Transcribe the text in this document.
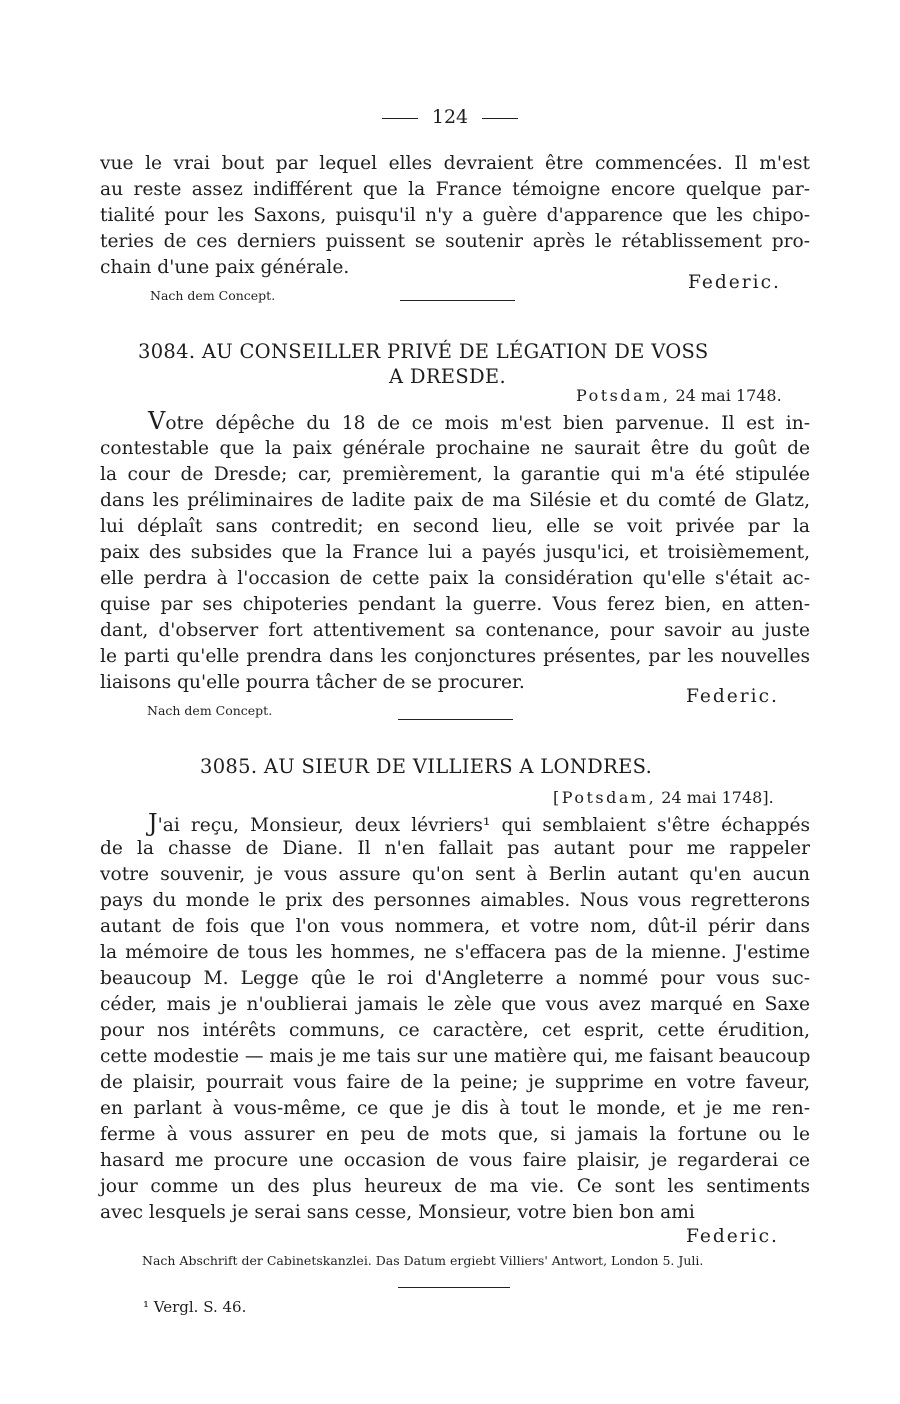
124
vue le vrai bout par lequel elles devraient être commencées. Il m'est
au reste assez indifférent que la France témoigne encore quelque par-
tialité pour les Saxons, puisqu'il n'y a guère d'apparence que les chipo-
teries de ces derniers puissent se soutenir après le rétablissement pro-
chain d'une paix générale.
Federic.
Nach dem Concept.
3084. AU CONSEILLER PRIVÉ DE LÉGATION DE VOSS
A DRESDE.
Potsdam, 24 mai 1748.
Votre dépêche du 18 de ce mois m'est bien parvenue. Il est in-
contestable que la paix générale prochaine ne saurait être du goût de
la cour de Dresde; car, premièrement, la garantie qui m'a été stipulée
dans les préliminaires de ladite paix de ma Silésie et du comté de Glatz,
lui déplaît sans contredit; en second lieu, elle se voit privée par la
paix des subsides que la France lui a payés jusqu'ici, et troisièmement,
elle perdra à l'occasion de cette paix la considération qu'elle s'était ac-
quise par ses chipoteries pendant la guerre. Vous ferez bien, en atten-
dant, d'observer fort attentivement sa contenance, pour savoir au juste
le parti qu'elle prendra dans les conjonctures présentes, par les nouvelles
liaisons qu'elle pourra tâcher de se procurer.
Federic.
Nach dem Concept.
3085. AU SIEUR DE VILLIERS A LONDRES.
[Potsdam, 24 mai 1748].
J'ai reçu, Monsieur, deux lévriers¹ qui semblaient s'être échappés
de la chasse de Diane. Il n'en fallait pas autant pour me rappeler
votre souvenir, je vous assure qu'on sent à Berlin autant qu'en aucun
pays du monde le prix des personnes aimables. Nous vous regretterons
autant de fois que l'on vous nommera, et votre nom, dût-il périr dans
la mémoire de tous les hommes, ne s'effacera pas de la mienne. J'estime
beaucoup M. Legge qûe le roi d'Angleterre a nommé pour vous suc-
céder, mais je n'oublierai jamais le zèle que vous avez marqué en Saxe
pour nos intérêts communs, ce caractère, cet esprit, cette érudition,
cette modestie — mais je me tais sur une matière qui, me faisant beaucoup
de plaisir, pourrait vous faire de la peine; je supprime en votre faveur,
en parlant à vous-même, ce que je dis à tout le monde, et je me ren-
ferme à vous assurer en peu de mots que, si jamais la fortune ou le
hasard me procure une occasion de vous faire plaisir, je regarderai ce
jour comme un des plus heureux de ma vie. Ce sont les sentiments
avec lesquels je serai sans cesse, Monsieur, votre bien bon ami
Federic.
Nach Abschrift der Cabinetskanzlei. Das Datum ergiebt Villiers' Antwort, London 5. Juli.
¹ Vergl. S. 46.
